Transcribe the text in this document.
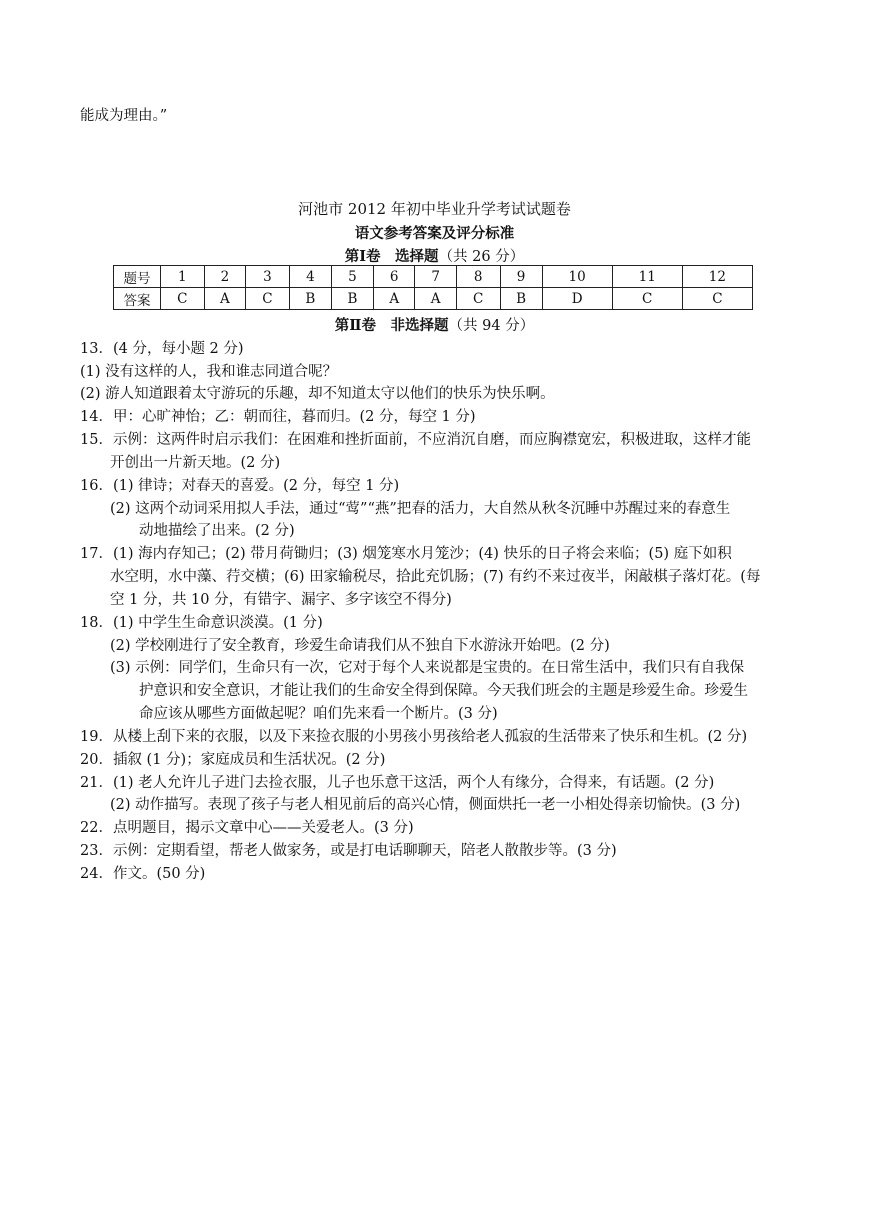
能成为理由。”
河池市 2012 年初中毕业升学考试试题卷
语文参考答案及评分标准
第Ⅰ卷　选择题（共 26 分）
题号	1	2	3	4	5	6	7	8	9	10	11	12
答案	C	A	C	B	B	A	A	C	B	D	C	C
第Ⅱ卷　非选择题（共 94 分）
13．(4 分，每小题 2 分)
(1) 没有这样的人，我和谁志同道合呢？
(2) 游人知道跟着太守游玩的乐趣，却不知道太守以他们的快乐为快乐啊。
14．甲：心旷神怡；乙：朝而往，暮而归。(2 分，每空 1 分)
15．示例：这两件时启示我们：在困难和挫折面前，不应消沉自磨，而应胸襟宽宏，积极进取，这样才能
开创出一片新天地。(2 分)
16．(1) 律诗；对春天的喜爱。(2 分，每空 1 分)
(2) 这两个动词采用拟人手法，通过“莺”“燕”把春的活力，大自然从秋冬沉睡中苏醒过来的春意生
动地描绘了出来。(2 分)
17．(1) 海内存知己；(2) 带月荷锄归；(3) 烟笼寒水月笼沙；(4) 快乐的日子将会来临；(5) 庭下如积
水空明，水中藻、荇交横；(6) 田家输税尽，拾此充饥肠；(7) 有约不来过夜半，闲敲棋子落灯花。(每
空 1 分，共 10 分，有错字、漏字、多字该空不得分)
18．(1) 中学生生命意识淡漠。(1 分)
(2) 学校刚进行了安全教育，珍爱生命请我们从不独自下水游泳开始吧。(2 分)
(3) 示例：同学们，生命只有一次，它对于每个人来说都是宝贵的。在日常生活中，我们只有自我保
护意识和安全意识，才能让我们的生命安全得到保障。今天我们班会的主题是珍爱生命。珍爱生
命应该从哪些方面做起呢？咱们先来看一个断片。(3 分)
19．从楼上刮下来的衣服，以及下来捡衣服的小男孩小男孩给老人孤寂的生活带来了快乐和生机。(2 分)
20．插叙 (1 分)；家庭成员和生活状况。(2 分)
21．(1) 老人允许儿子进门去捡衣服，儿子也乐意干这活，两个人有缘分，合得来，有话题。(2 分)
(2) 动作描写。表现了孩子与老人相见前后的高兴心情，侧面烘托一老一小相处得亲切愉快。(3 分)
22．点明题目，揭示文章中心——关爱老人。(3 分)
23．示例：定期看望，帮老人做家务，或是打电话聊聊天，陪老人散散步等。(3 分)
24．作文。(50 分)
